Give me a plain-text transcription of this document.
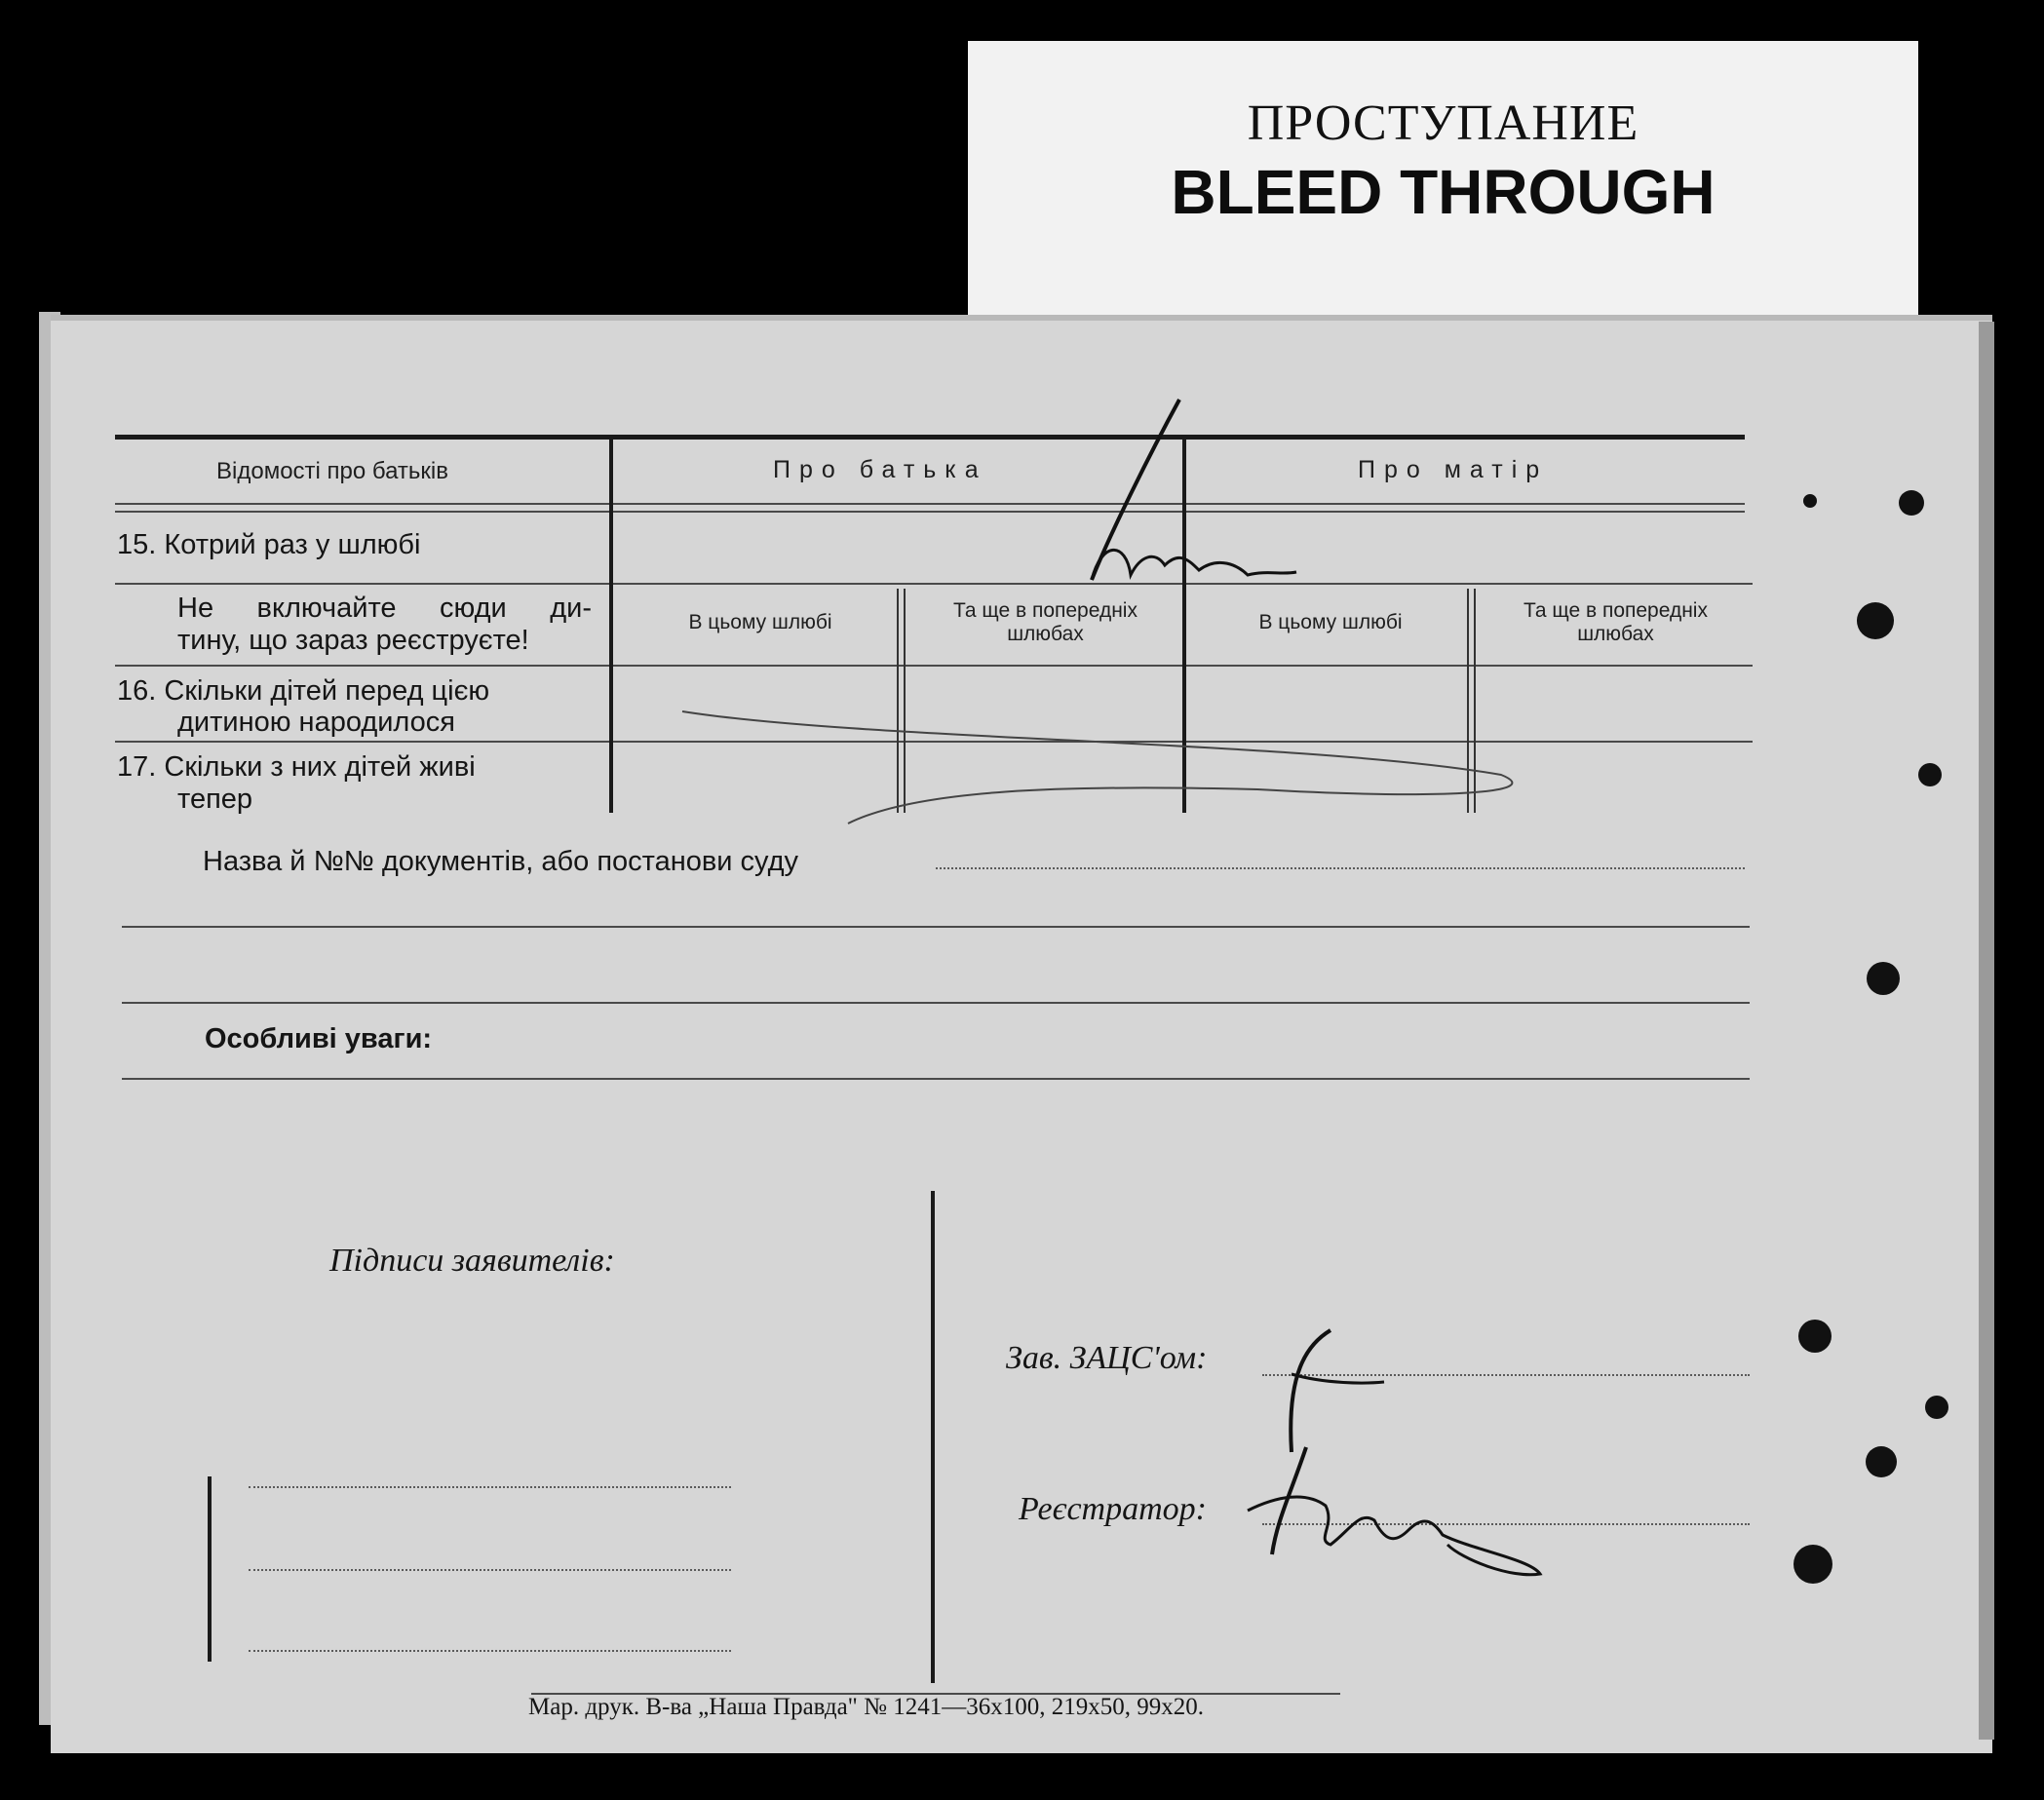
ПРОСТУПАНИЕ
BLEED THROUGH
Відомості про батьків	Про батька	Про матір
15. Котрий раз у шлюбі
Не включайте сюди ди-
тину, що зараз реєструєте!
В цьому шлюбі
Та ще в попередніх шлюбах
В цьому шлюбі
Та ще в попередніх шлюбах
16. Скільки дітей перед цією
дитиною народилося
17. Скільки з них дітей живі
тепер
Назва й №№ документів, або постанови суду
Особливі уваги:
Підписи заявителів:
Зав. ЗАЦС'ом:
Реєстратор:
Мар. друк. В-ва „Наша Правда" № 1241—36х100, 219х50, 99х20.
